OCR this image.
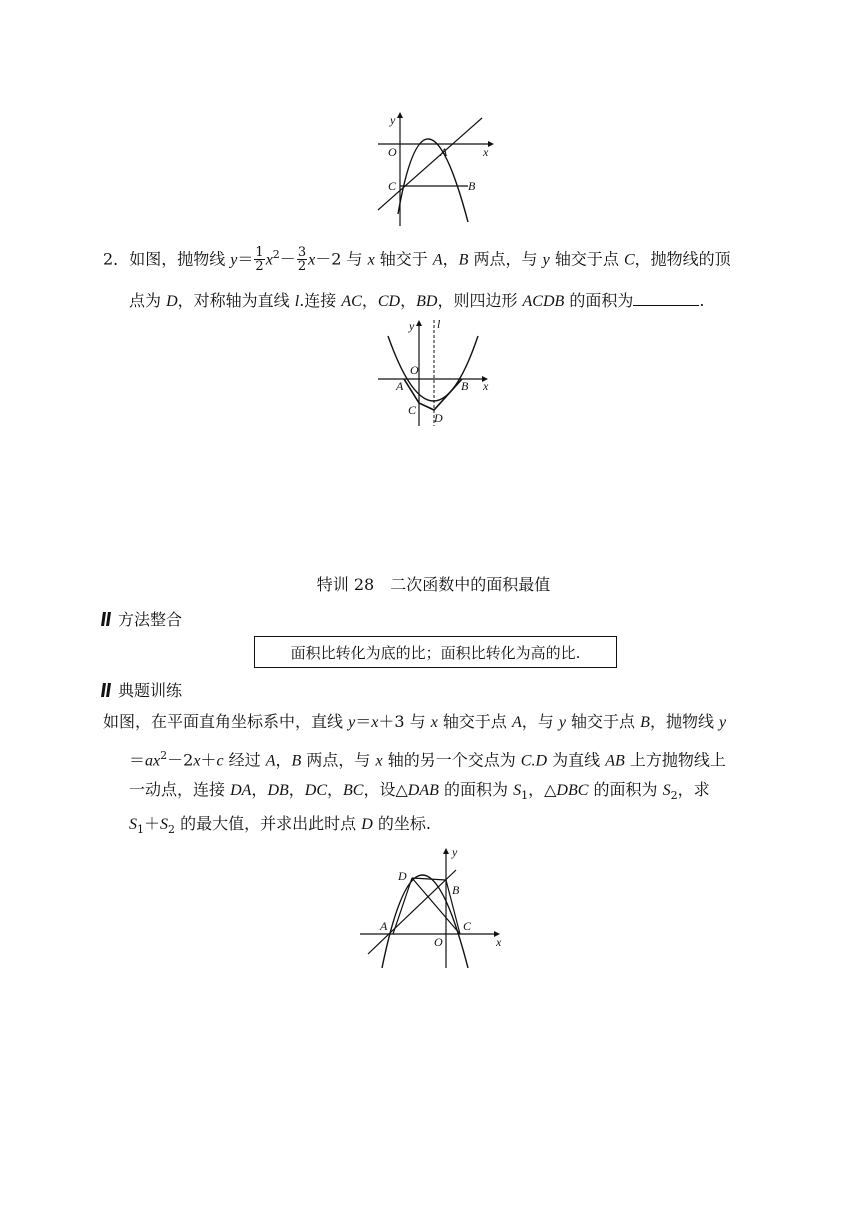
y
x
O	A
C	B
2．如图，抛物线 $y= \frac{1}{2} x^2- \frac{3}{2} x-2$ 与 x 轴交于 A，B 两点，与 y 轴交于点 C，抛物线的顶
点为 D，对称轴为直线 l.连接 AC，CD，BD，则四边形 ACDB 的面积为	.
y l
O
A	B x
C
D
特训 28　二次函数中的面积最值
方法整合
面积比转化为底的比；面积比转化为高的比.
典题训练
如图，在平面直角坐标系中，直线 y＝x＋3 与 x 轴交于点 A，与 y 轴交于点 B，抛物线 y
$=ax^2-2x+c$ 经过 A，B 两点，与 x 轴的另一个交点为 C.D 为直线 AB 上方抛物线上
一动点，连接 DA，DB，DC，BC，设△DAB 的面积为 $S_1$，△DBC 的面积为 $S_2$，求
$S_1+S_2$ 的最大值，并求出此时点 D 的坐标.
y
D
B
A
O
C
x
